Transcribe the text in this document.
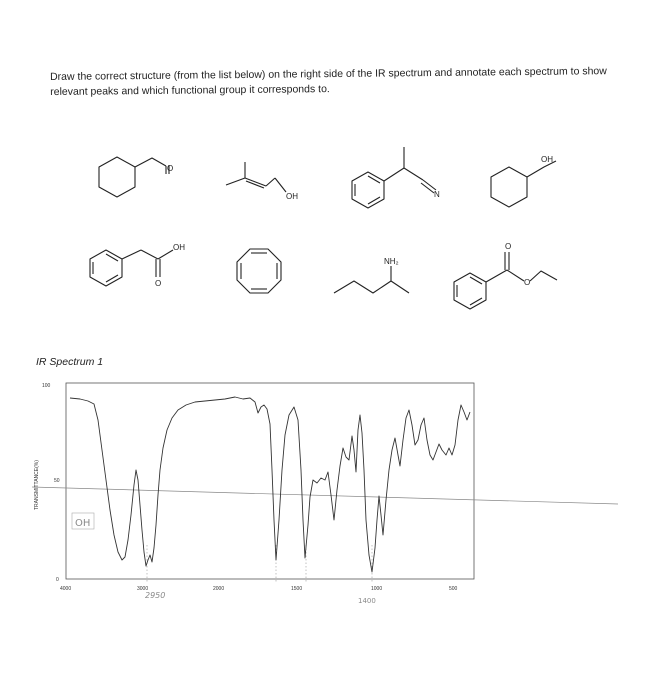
Draw the correct structure (from the list below) on the right side of the IR spectrum and annotate each spectrum to show relevant peaks and which functional group it corresponds to.
O
OH	N
OH
OH
O
NH₂
O
O
IR Spectrum 1
100
50
0
TRANSMITTANCE(%)
4000	3000	2000	1500	1000	500
OH
2950
1400
